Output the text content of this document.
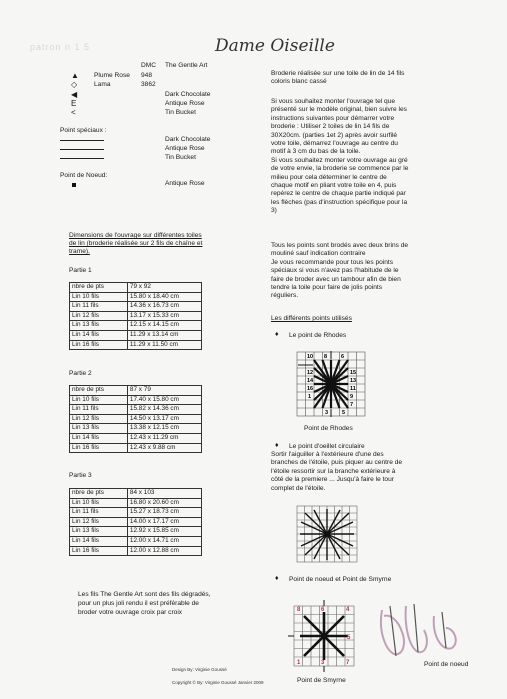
patron n 1 5	Dame Oiseille
DMC The Gentle Art
▲ Plume Rose 948
◇	Lama	3862
◀	Dark Chocolate
E	Antique Rose
<	Tin Bucket
Point spéciaux :
Dark Chocolate
Antique Rose
Tin Bucket
Point de Noeud:
Antique Rose
Dimensions de l'ouvrage sur différentes toiles
de lin (broderie réalisée sur 2 fils de chaîne et
trame).
Partie 1
nbre de pts	79 x 92
Lin 10 fils	15.80 x 18.40 cm
Lin 11 fils	14.36 x 16.73 cm
Lin 12 fils	13.17 x 15.33 cm
Lin 13 fils	12.15 x 14.15 cm
Lin 14 fils	11.29 x 13.14 cm
Lin 16 fils	11.29 x 11.50 cm
Partie 2
nbre de pts	87 x 79
Lin 10 fils	17.40 x 15.80 cm
Lin 11 fils	15.82 x 14.36 cm
Lin 12 fils	14.50 x 13.17 cm
Lin 13 fils	13.38 x 12.15 cm
Lin 14 fils	12.43 x 11.29 cm
Lin 16 fils	12.43 x 9.88 cm
Partie 3
nbre de pts	84 x 103
Lin 10 fils	16.80 x 20.60 cm
Lin 11 fils	15.27 x 18.73 cm
Lin 12 fils	14.00 x 17.17 cm
Lin 13 fils	12.92 x 15.85 cm
Lin 14 fils	12.00 x 14.71 cm
Lin 16 fils	12.00 x 12.88 cm
Les fils The Gentle Art sont des fils dégradés,
pour un plus joli rendu il est préférable de
broder votre ouvrage croix par croix

Broderie réalisée sur une toile de lin de 14 fils

coloris blanc cassé

Si vous souhaitez monter l'ouvrage tel que

présenté sur le modèle original, bien suivre les

instructions suivantes pour démarrer votre

broderie : Utiliser 2 toiles de lin 14 fils de

30X20cm. (parties 1et 2) après avoir surfilé

votre toile, démarrez l'ouvrage au centre du

motif à 3 cm du bas de la toile.

Si vous souhaitez monter votre ouvrage au gré

de votre envie, la broderie se commence par le

milieu pour cela déterminer le centre de

chaque motif en pliant votre toile en 4, puis

repérez le centre de chaque partie indiqué par

les flèches (pas d'instruction spécifique pour la

3)

Tous les points sont brodés avec deux brins de

mouliné sauf indication contraire

Je vous recommande pour tous les points

spéciaux si vous n'avez pas l'habitude de le

faire de broder avec un tambour afin de bien

tendre la toile pour faire de jolis points

réguliers.

Les différents points utilisés
♦ Le point de Rhodes
10 8	6
12
14
16
1
3	5
7
9
11
13
15
Point de Rhodes
♦ Le point d'oeillet circulaire

Sortir l'aiguiller à l'extérieure d'une des

branches de l'étoile, puis piquer au centre de

l'étoile ressortir sur la branche extérieure à

côté de la premiere ... Jusqu'à faire le tour

complet de l'étoile.

♦ Point de noeud et Point de Smyrne
8	6	4
1	3	7
5
Point de Smyrne
Point de noeud
Design By: Virginie Goussé
Copyright © By: Virginie Goussé Janvier 2009
